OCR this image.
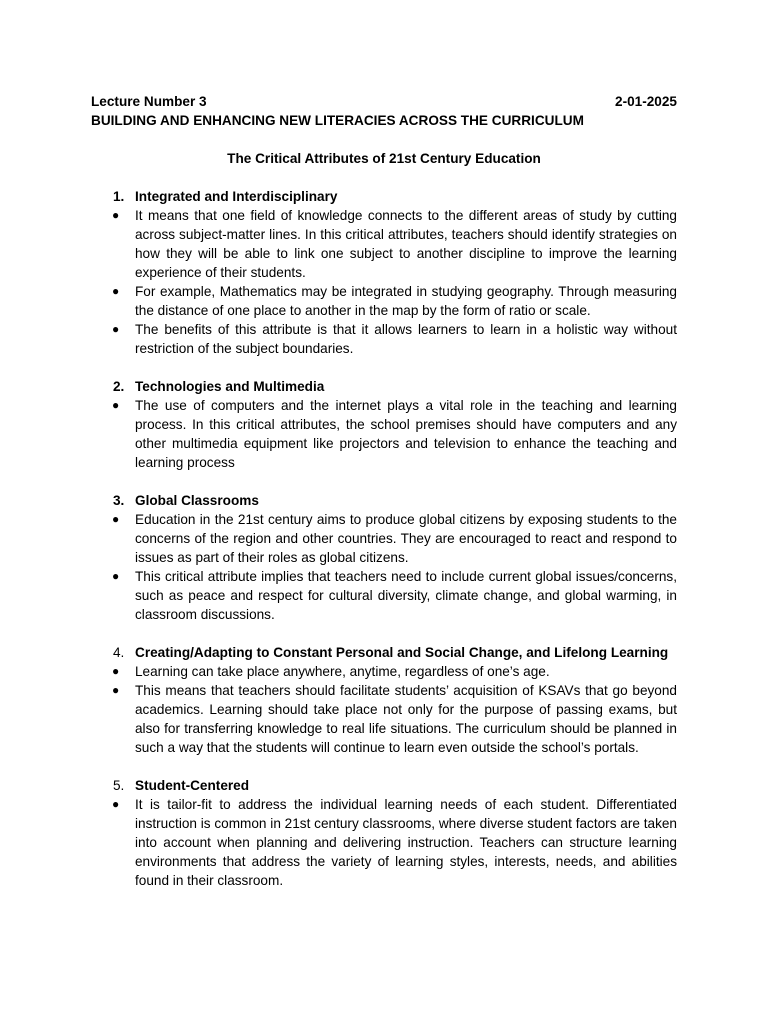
Lecture Number 3	2-01-2025
BUILDING AND ENHANCING NEW LITERACIES ACROSS THE CURRICULUM
The Critical Attributes of 21st Century Education
1. Integrated and Interdisciplinary
●	It means that one field of knowledge connects to the different areas of study by cutting across subject-matter lines. In this critical attributes, teachers should identify strategies on how they will be able to link one subject to another discipline to improve the learning experience of their students.
●	For example, Mathematics may be integrated in studying geography. Through measuring the distance of one place to another in the map by the form of ratio or scale.
●	The benefits of this attribute is that it allows learners to learn in a holistic way without restriction of the subject boundaries.
2. Technologies and Multimedia
●	The use of computers and the internet plays a vital role in the teaching and learning process. In this critical attributes, the school premises should have computers and any other multimedia equipment like projectors and television to enhance the teaching and learning process
3. Global Classrooms
●	Education in the 21st century aims to produce global citizens by exposing students to the concerns of the region and other countries. They are encouraged to react and respond to issues as part of their roles as global citizens.
●	This critical attribute implies that teachers need to include current global issues/concerns, such as peace and respect for cultural diversity, climate change, and global warming, in classroom discussions.
4. Creating/Adapting to Constant Personal and Social Change, and Lifelong Learning
●	Learning can take place anywhere, anytime, regardless of one’s age.
●	This means that teachers should facilitate students’ acquisition of KSAVs that go beyond academics. Learning should take place not only for the purpose of passing exams, but also for transferring knowledge to real life situations. The curriculum should be planned in such a way that the students will continue to learn even outside the school’s portals.
5. Student-Centered
●	It is tailor-fit to address the individual learning needs of each student. Differentiated instruction is common in 21st century classrooms, where diverse student factors are taken into account when planning and delivering instruction. Teachers can structure learning environments that address the variety of learning styles, interests, needs, and abilities found in their classroom.
